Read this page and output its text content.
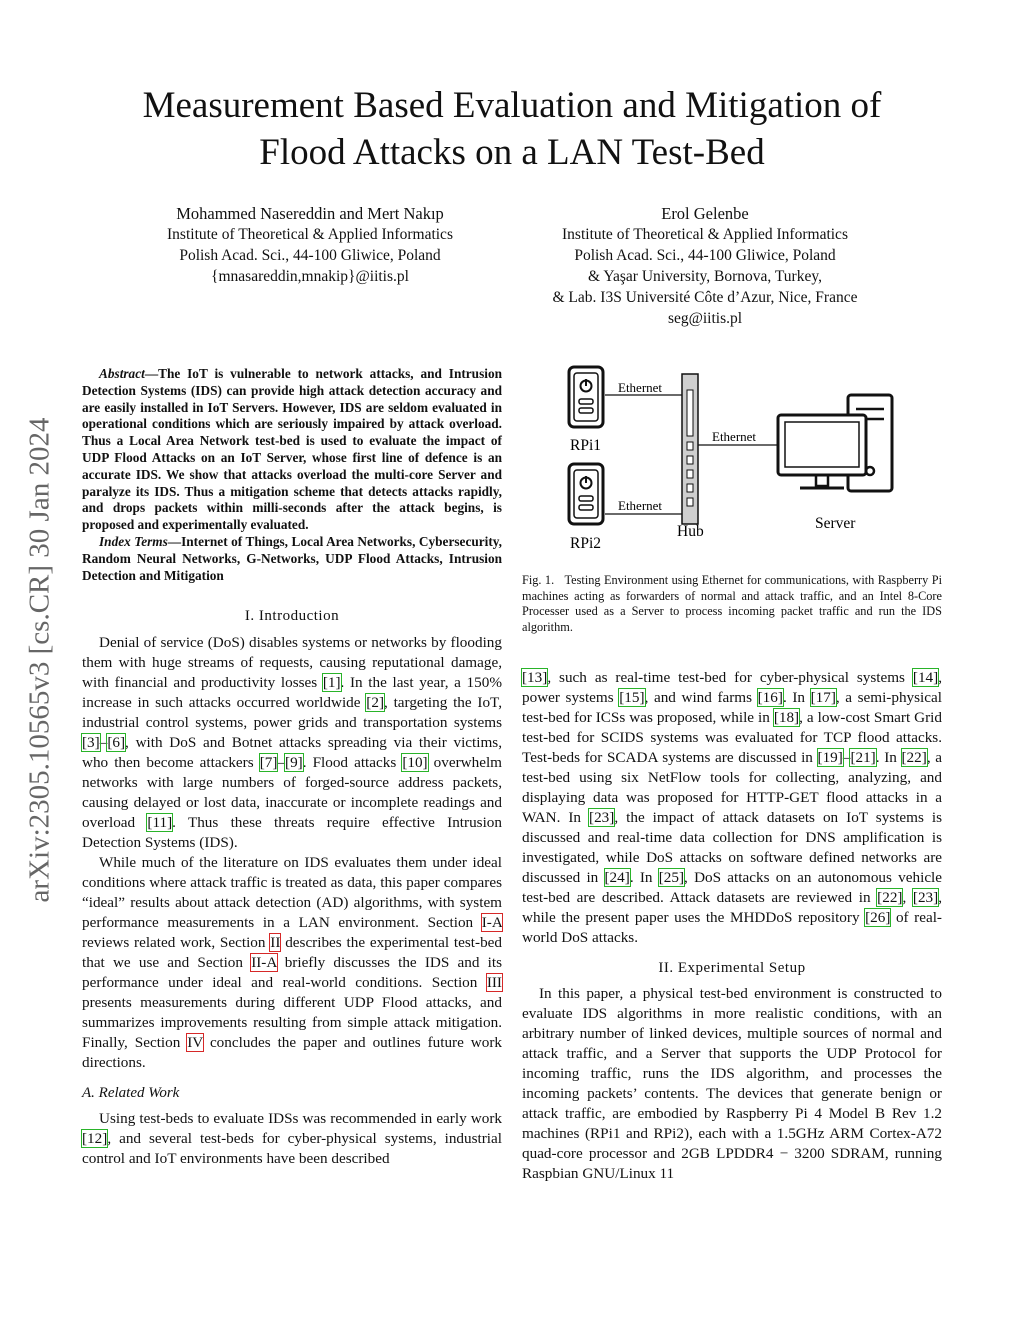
Measurement Based Evaluation and Mitigation of
Flood Attacks on a LAN Test-Bed
Mohammed Nasereddin and Mert Nakıp
Institute of Theoretical & Applied Informatics
Polish Acad. Sci., 44-100 Gliwice, Poland
{mnasareddin,mnakip}@iitis.pl
Erol Gelenbe
Institute of Theoretical & Applied Informatics
Polish Acad. Sci., 44-100 Gliwice, Poland
& Yaşar University, Bornova, Turkey,
& Lab. I3S Université Côte d’Azur, Nice, France
seg@iitis.pl
arXiv:2305.10565v3 [cs.CR] 30 Jan 2024

Abstract—The IoT is vulnerable to network attacks, and Intrusion Detection Systems (IDS) can provide high attack detection accuracy and are easily installed in IoT Servers. However, IDS are seldom evaluated in operational conditions which are seriously impaired by attack overload. Thus a Local Area Network test-bed is used to evaluate the impact of UDP Flood Attacks on an IoT Server, whose first line of defence is an accurate IDS. We show that attacks overload the multi-core Server and paralyze its IDS. Thus a mitigation scheme that detects attacks rapidly, and drops packets within milli-seconds after the attack begins, is proposed and experimentally evaluated.

Index Terms—Internet of Things, Local Area Networks, Cybersecurity, Random Neural Networks, G-Networks, UDP Flood Attacks, Intrusion Detection and Mitigation

I. Introduction

Denial of service (DoS) disables systems or networks by flooding them with huge streams of requests, causing reputational damage, with financial and productivity losses [1]. In the last year, a 150% increase in such attacks occurred worldwide [2], targeting the IoT, industrial control systems, power grids and transportation systems [3]–[6], with DoS and Botnet attacks spreading via their victims, who then become attackers [7]–[9]. Flood attacks [10] overwhelm networks with large numbers of forged-source address packets, causing delayed or lost data, inaccurate or incomplete readings and overload [11]. Thus these threats require effective Intrusion Detection Systems (IDS).

While much of the literature on IDS evaluates them under ideal conditions where attack traffic is treated as data, this paper compares “ideal” results about attack detection (AD) algorithms, with system performance measurements in a LAN environment. Section I-A reviews related work, Section II describes the experimental test-bed that we use and Section II-A briefly discusses the IDS and its performance under ideal and real-world conditions. Section III presents measurements during different UDP Flood attacks, and summarizes improvements resulting from simple attack mitigation. Finally, Section IV concludes the paper and outlines future work directions.

A. Related Work

Using test-beds to evaluate IDSs was recommended in early work [12], and several test-beds for cyber-physical systems, industrial control and IoT environments have been described

Ethernet
Ethernet
Ethernet
RPi1
RPi2
Hub	Server
Fig. 1. Testing Environment using Ethernet for communications, with Raspberry Pi machines acting as forwarders of normal and attack traffic, and an Intel 8-Core Processer used as a Server to process incoming packet traffic and run the IDS algorithm.

[13], such as real-time test-bed for cyber-physical systems [14], power systems [15], and wind farms [16]. In [17], a semi-physical test-bed for ICSs was proposed, while in [18], a low-cost Smart Grid test-bed for SCIDS systems was evaluated for TCP flood attacks. Test-beds for SCADA systems are discussed in [19]–[21]. In [22], a test-bed using six NetFlow tools for collecting, analyzing, and displaying data was proposed for HTTP-GET flood attacks in a WAN. In [23], the impact of attack datasets on IoT systems is discussed and real-time data collection for DNS amplification is investigated, while DoS attacks on software defined networks are discussed in [24]. In [25], DoS attacks on an autonomous vehicle test-bed are described. Attack datasets are reviewed in [22], [23], while the present paper uses the MHDDoS repository [26] of real-world DoS attacks.

II. Experimental Setup

In this paper, a physical test-bed environment is constructed to evaluate IDS algorithms in more realistic conditions, with an arbitrary number of linked devices, multiple sources of normal and attack traffic, and a Server that supports the UDP Protocol for incoming traffic, runs the IDS algorithm, and processes the incoming packets’ contents. The devices that generate benign or attack traffic, are embodied by Raspberry Pi 4 Model B Rev 1.2 machines (RPi1 and RPi2), each with a 1.5GHz ARM Cortex-A72 quad-core processor and 2GB LPDDR4 − 3200 SDRAM, running Raspbian GNU/Linux 11
